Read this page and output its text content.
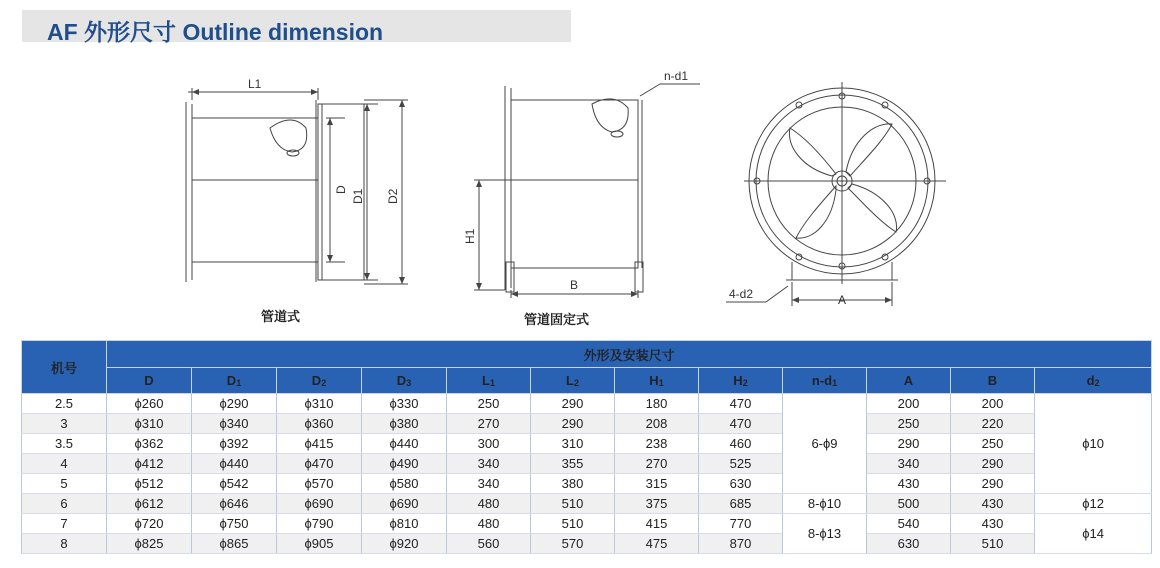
AF 外形尺寸 Outline dimension
L1
D D1 D2
n-d1
H1
B
4-d2	A
管道式	管道固定式
机号	外形及安装尺寸											
	D	$D_1$	$D_2$	$D_3$	$L_1$	$L_2$	$H_1$	$H_2$	$n-d_1$	A	B	$d_2$
2.5	ϕ260	ϕ290	ϕ310	ϕ330	250	290	180	470	6-ϕ9	200	200	ϕ10
3	ϕ310	ϕ340	ϕ360	ϕ380	270	290	208	470		250	220	
3.5	ϕ362	ϕ392	ϕ415	ϕ440	300	310	238	460		290	250	
4	ϕ412	ϕ440	ϕ470	ϕ490	340	355	270	525		340	290	
5	ϕ512	ϕ542	ϕ570	ϕ580	340	380	315	630		430	290	
6	ϕ612	ϕ646	ϕ690	ϕ690	480	510	375	685	8-ϕ10	500	430	ϕ12
7	ϕ720	ϕ750	ϕ790	ϕ810	480	510	415	770	8-ϕ13	540	430	ϕ14
8	ϕ825	ϕ865	ϕ905	ϕ920	560	570	475	870		630	510	
